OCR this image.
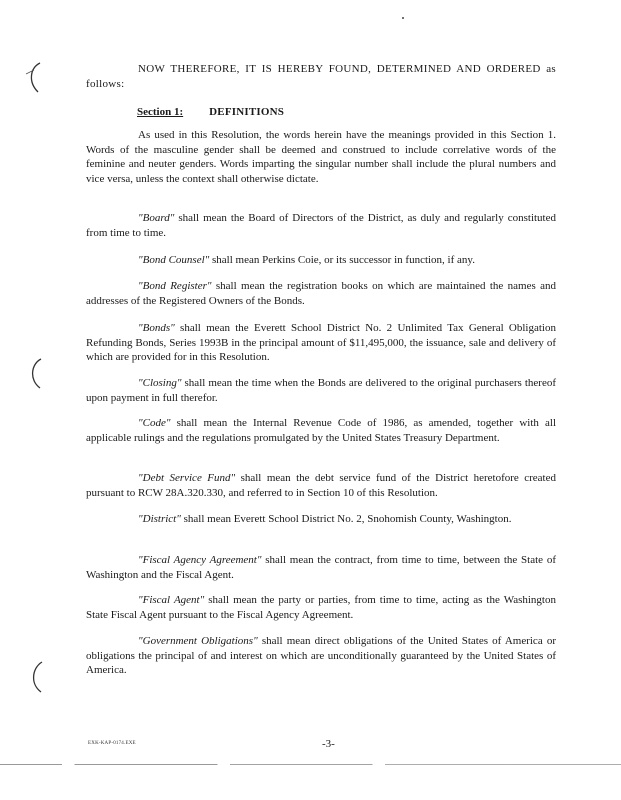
NOW THEREFORE, IT IS HEREBY FOUND, DETERMINED AND ORDERED as follows:

Section 1: DEFINITIONS

As used in this Resolution, the words herein have the meanings provided in this Section 1. Words of the masculine gender shall be deemed and construed to include correlative words of the feminine and neuter genders. Words imparting the singular number shall include the plural numbers and vice versa, unless the context shall otherwise dictate.

"Board" shall mean the Board of Directors of the District, as duly and regularly constituted from time to time.

"Bond Counsel" shall mean Perkins Coie, or its successor in function, if any.

"Bond Register" shall mean the registration books on which are maintained the names and addresses of the Registered Owners of the Bonds.

"Bonds" shall mean the Everett School District No. 2 Unlimited Tax General Obligation Refunding Bonds, Series 1993B in the principal amount of $11,495,000, the issuance, sale and delivery of which are provided for in this Resolution.

"Closing" shall mean the time when the Bonds are delivered to the original purchasers thereof upon payment in full therefor.

"Code" shall mean the Internal Revenue Code of 1986, as amended, together with all applicable rulings and the regulations promulgated by the United States Treasury Department.

"Debt Service Fund" shall mean the debt service fund of the District heretofore created pursuant to RCW 28A.320.330, and referred to in Section 10 of this Resolution.

"District" shall mean Everett School District No. 2, Snohomish County, Washington.

"Fiscal Agency Agreement" shall mean the contract, from time to time, between the State of Washington and the Fiscal Agent.

"Fiscal Agent" shall mean the party or parties, from time to time, acting as the Washington State Fiscal Agent pursuant to the Fiscal Agency Agreement.

"Government Obligations" shall mean direct obligations of the United States of America or obligations the principal of and interest on which are unconditionally guaranteed by the United States of America.

EXK-KAP-0174.EXE	-3-
